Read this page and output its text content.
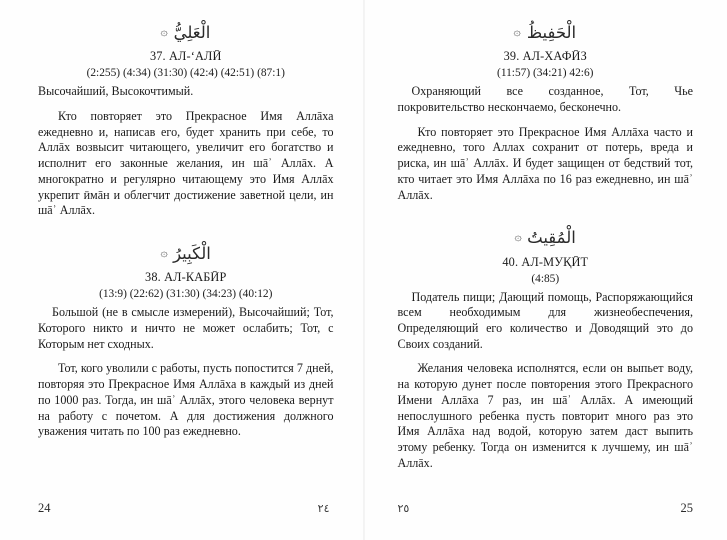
الْعَلِيُّ۞
37. АЛ-ʻАЛӢ
(2:255) (4:34) (31:30) (42:4) (42:51) (87:1)
Высочайший, Высокочтимый.

Кто повторяет это Прекрасное Имя Аллāха ежедневно и, написав его, будет хранить при себе, то Аллāх возвысит читающего, увеличит его богатство и исполнит его законные желания, ин шāʾ Аллāх. А многократно и регулярно читающему это Имя Аллāх укрепит ӣмāн и облегчит достижение заветной цели, ин шāʾ Аллāх.

الْكَبِيرُ۞
38. АЛ-КАБӢР
(13:9) (22:62) (31:30) (34:23) (40:12)
Большой (не в смысле измерений), Высочайший; Тот, Которого никто и ничто не может ослабить; Тот, с Которым нет сходных.

Тот, кого уволили с работы, пусть попостится 7 дней, повторяя это Прекрасное Имя Аллāха в каждый из дней по 1000 раз. Тогда, ин шāʾ Аллāх, этого человека вернут на работу с почетом. А для достижения должного уважения читать по 100 раз ежедневно.

24	٢٤
الْحَفِيظُ۞
39. АЛ-ХАФӢЗ
(11:57) (34:21) 42:6)
Охраняющий все созданное, Тот, Чье покровительство нескончаемо, бесконечно.

Кто повторяет это Прекрасное Имя Аллāха часто и ежедневно, того Аллах сохранит от потерь, вреда и риска, ин шāʾ Аллāх. И будет защищен от бедствий тот, кто читает это Имя Аллāха по 16 раз ежедневно, ин шāʾ Аллāх.

الْمُقِيتُ۞
40. АЛ-МУҚӢТ
(4:85)
Податель пищи; Дающий помощь, Распоряжающийся всем необходимым для жизнеобеспечения, Определяющий его количество и Доводящий это до Своих созданий.

Желания человека исполнятся, если он выпьет воду, на которую дунет после повторения этого Прекрасного Имени Аллāха 7 раз, ин шāʾ Аллāх. А имеющий непослушного ребенка пусть повторит много раз это Имя Аллāха над водой, которую затем даст выпить этому ребенку. Тогда он изменится к лучшему, ин шāʾ Аллāх.

٢٥	25
